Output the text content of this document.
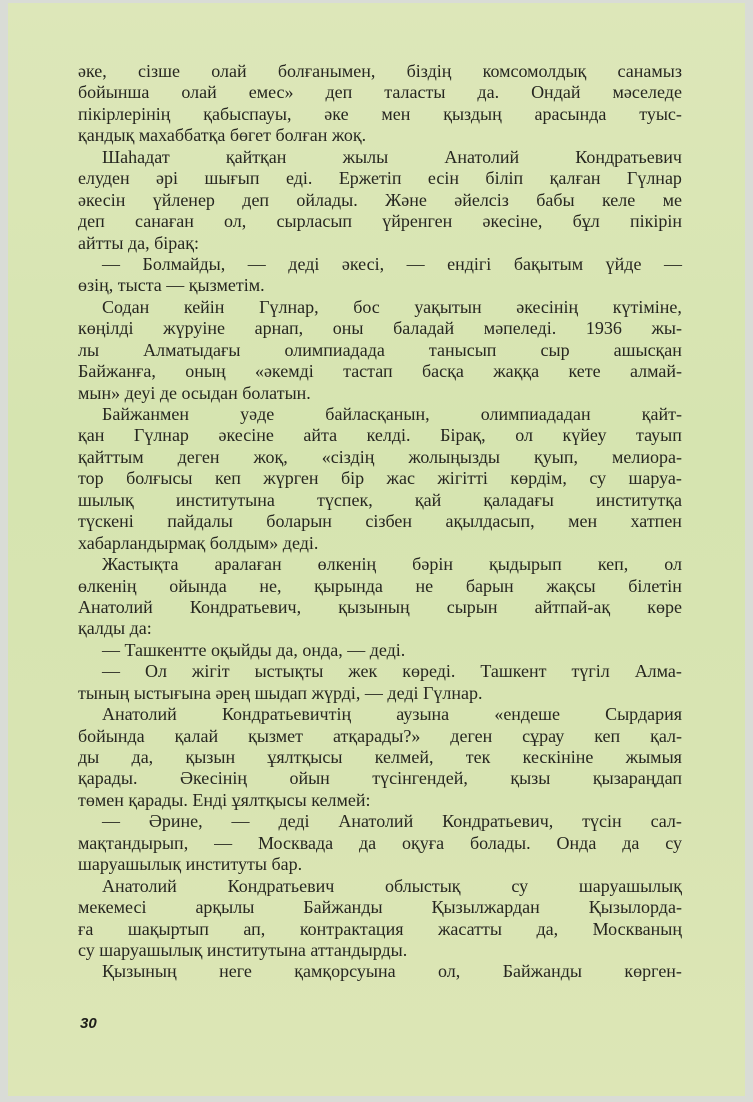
әке, сізше олай болғанымен, біздің комсомолдық санамыз
бойынша олай емес» деп таласты да. Ондай мәселеде
пікірлерінің қабыспауы, әке мен қыздың арасында туыс-
қандық махаббатқа бөгет болған жоқ.
Шаһадат	қайтқан	жылы	Анатолий	Кондратьевич
елуден әрі шығып еді. Ержетіп есін біліп қалған Гүлнар
әкесін үйленер деп ойлады. Және әйелсіз бабы келе ме
деп санаған ол, сырласып үйренген әкесіне, бұл пікірін
айтты да, бірақ:
— Болмайды, — деді әкесі, — ендігі бақытым үйде —
өзің, тыста — қызметім.
Содан кейін Гүлнар, бос уақытын әкесінің күтіміне,
көңілді жүруіне арнап, оны баладай мәпеледі. 1936 жы-
лы Алматыдағы олимпиадада танысып сыр ашысқан
Байжанға, оның «әкемді тастап басқа жаққа кете алмай-
мын» деуі де осыдан болатын.
Байжанмен	уәде	байласқанын,	олимпиададан	қайт-
қан Гүлнар әкесіне айта келді. Бірақ, ол күйеу тауып
қайттым деген жоқ, «сіздің жолыңызды қуып, мелиора-
тор болғысы кеп жүрген бір жас жігітті көрдім, су шаруа-
шылық институтына түспек, қай қаладағы институтқа
түскені пайдалы боларын сізбен ақылдасып, мен хатпен
хабарландырмақ болдым» деді.
Жастықта аралаған өлкенің бәрін қыдырып кеп, ол
өлкенің ойында не, қырында не барын жақсы білетін
Анатолий Кондратьевич, қызының сырын айтпай-ақ көре
қалды да:
— Ташкентте оқыйды да, онда, — деді.
— Ол жігіт ыстықты жек көреді. Ташкент түгіл Алма-
тының ыстығына әрең шыдап жүрді, — деді Гүлнар.
Анатолий	Кондратьевичтің	аузына	«ендеше	Сырдария
бойында қалай қызмет атқарады?» деген сұрау кеп қал-
ды да, қызын ұялтқысы келмей, тек кескініне жымыя
қарады. Әкесінің ойын түсінгендей, қызы қызараңдап
төмен қарады. Енді ұялтқысы келмей:
— Әрине, — деді Анатолий Кондратьевич, түсін сал-
мақтандырып, — Москвада да оқуға болады. Онда да су
шаруашылық институты бар.
Анатолий	Кондратьевич	облыстық	су	шаруашылық
мекемесі	арқылы	Байжанды	Қызылжардан	Қызылорда-
ға шақыртып ап, контрактация жасатты да, Москваның
су шаруашылық институтына аттандырды.
Қызының неге қамқорсуына ол, Байжанды көрген-
30
